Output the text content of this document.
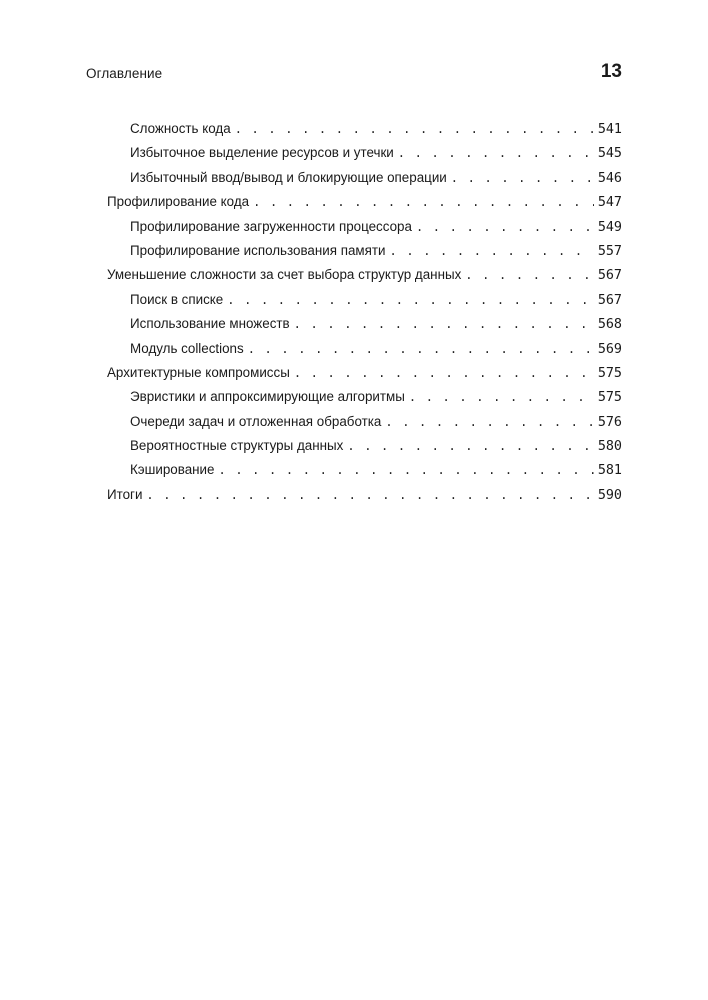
Оглавление	13
Сложность кода . . .	541
Избыточное выделение ресурсов и утечки . . .	545
Избыточный ввод/вывод и блокирующие операции . . .	546
Профилирование кода . . .	547
Профилирование загруженности процессора . . .	549
Профилирование использования памяти . . .	557
Уменьшение сложности за счет выбора структур данных . . .	567
Поиск в списке . . .	567
Использование множеств . . .	568
Модуль collections . . .	569
Архитектурные компромиссы . . .	575
Эвристики и аппроксимирующие алгоритмы . . .	575
Очереди задач и отложенная обработка . . .	576
Вероятностные структуры данных . . .	580
Кэширование . . .	581
Итоги . . .	590
